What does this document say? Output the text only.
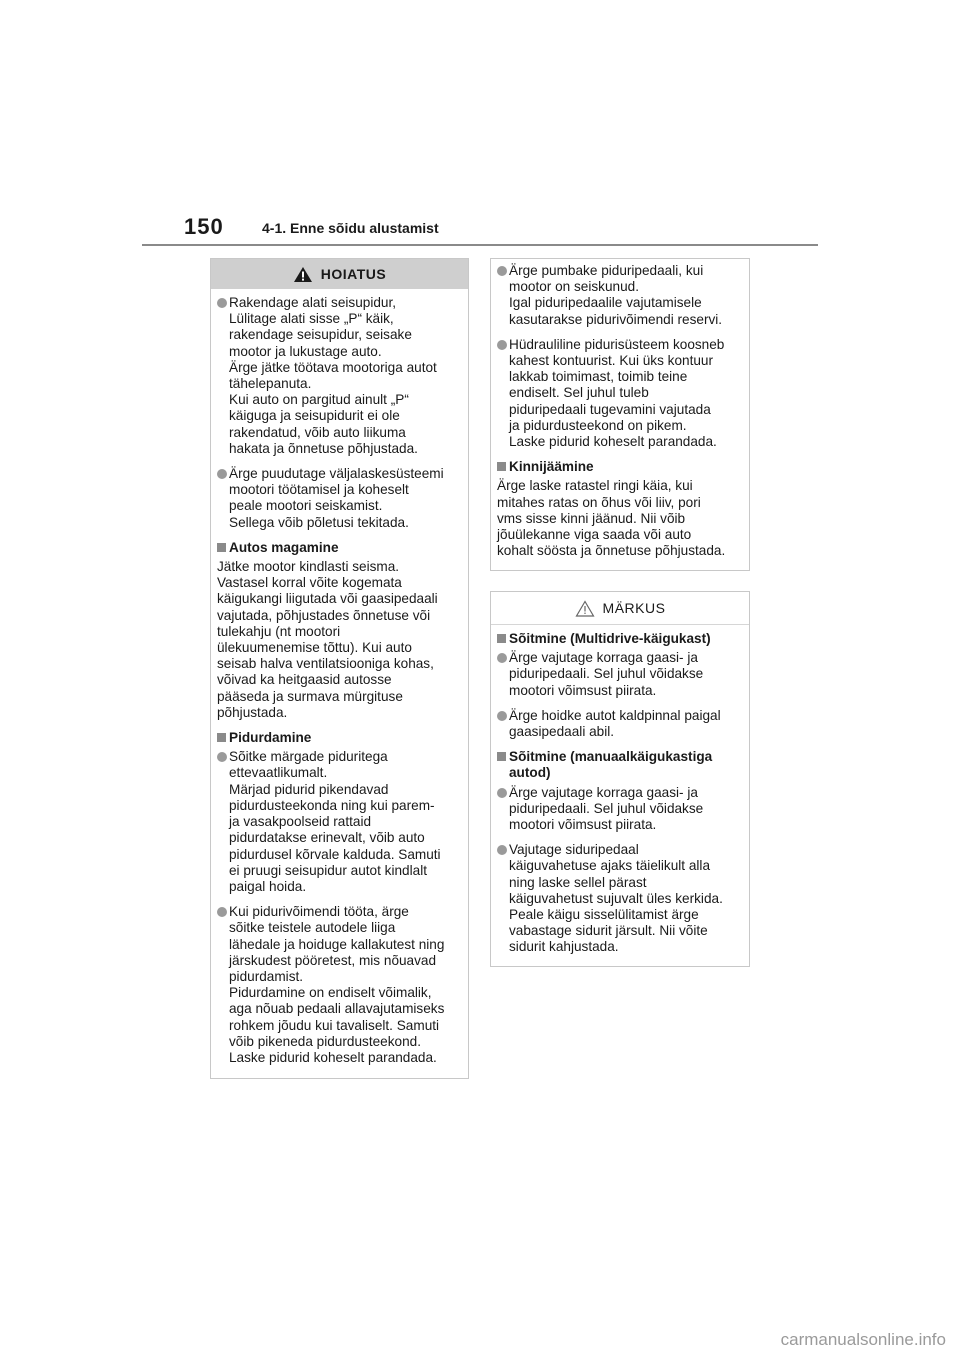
150	4-1. Enne sõidu alustamist
HOIATUS
Rakendage alati seisupidur,
Lülitage alati sisse „P“ käik,
rakendage seisupidur, seisake
mootor ja lukustage auto.
Ärge jätke töötava mootoriga autot
tähelepanuta.
Kui auto on pargitud ainult „P“
käiguga ja seisupidurit ei ole
rakendatud, võib auto liikuma
hakata ja õnnetuse põhjustada.
Ärge puudutage väljalaskesüsteemi
mootori töötamisel ja koheselt
peale mootori seiskamist.
Sellega võib põletusi tekitada.
Autos magamine
Jätke mootor kindlasti seisma.
Vastasel korral võite kogemata
käigukangi liigutada või gaasipedaali
vajutada, põhjustades õnnetuse või
tulekahju (nt mootori
ülekuumenemise tõttu). Kui auto
seisab halva ventilatsiooniga kohas,
võivad ka heitgaasid autosse
pääseda ja surmava mürgituse
põhjustada.
Pidurdamine
Sõitke märgade piduritega
ettevaatlikumalt.
Märjad pidurid pikendavad
pidurdusteekonda ning kui parem-
ja vasakpoolseid rattaid
pidurdatakse erinevalt, võib auto
pidurdusel kõrvale kalduda. Samuti
ei pruugi seisupidur autot kindlalt
paigal hoida.
Kui pidurivõimendi tööta, ärge
sõitke teistele autodele liiga
lähedale ja hoiduge kallakutest ning
järskudest pööretest, mis nõuavad
pidurdamist.
Pidurdamine on endiselt võimalik,
aga nõuab pedaali allavajutamiseks
rohkem jõudu kui tavaliselt. Samuti
võib pikeneda pidurdusteekond.
Laske pidurid koheselt parandada.
Ärge pumbake piduripedaali, kui
mootor on seiskunud.
Igal piduripedaalile vajutamisele
kasutarakse pidurivõimendi reservi.
Hüdrauliline pidurisüsteem koosneb
kahest kontuurist. Kui üks kontuur
lakkab toimimast, toimib teine
endiselt. Sel juhul tuleb
piduripedaali tugevamini vajutada
ja pidurdusteekond on pikem.
Laske pidurid koheselt parandada.
Kinnijäämine
Ärge laske ratastel ringi käia, kui
mitahes ratas on õhus või liiv, pori
vms sisse kinni jäänud. Nii võib
jõuülekanne viga saada või auto
kohalt söösta ja õnnetuse põhjustada.
MÄRKUS
Sõitmine (Multidrive-käigukast)
Ärge vajutage korraga gaasi- ja
piduripedaali. Sel juhul võidakse
mootori võimsust piirata.
Ärge hoidke autot kaldpinnal paigal
gaasipedaali abil.
Sõitmine (manuaalkäigukastiga
autod)
Ärge vajutage korraga gaasi- ja
piduripedaali. Sel juhul võidakse
mootori võimsust piirata.
Vajutage siduripedaal
käiguvahetuse ajaks täielikult alla
ning laske sellel pärast
käiguvahetust sujuvalt üles kerkida.
Peale käigu sisselülitamist ärge
vabastage sidurit järsult. Nii võite
sidurit kahjustada.
carmanualsonline.info
